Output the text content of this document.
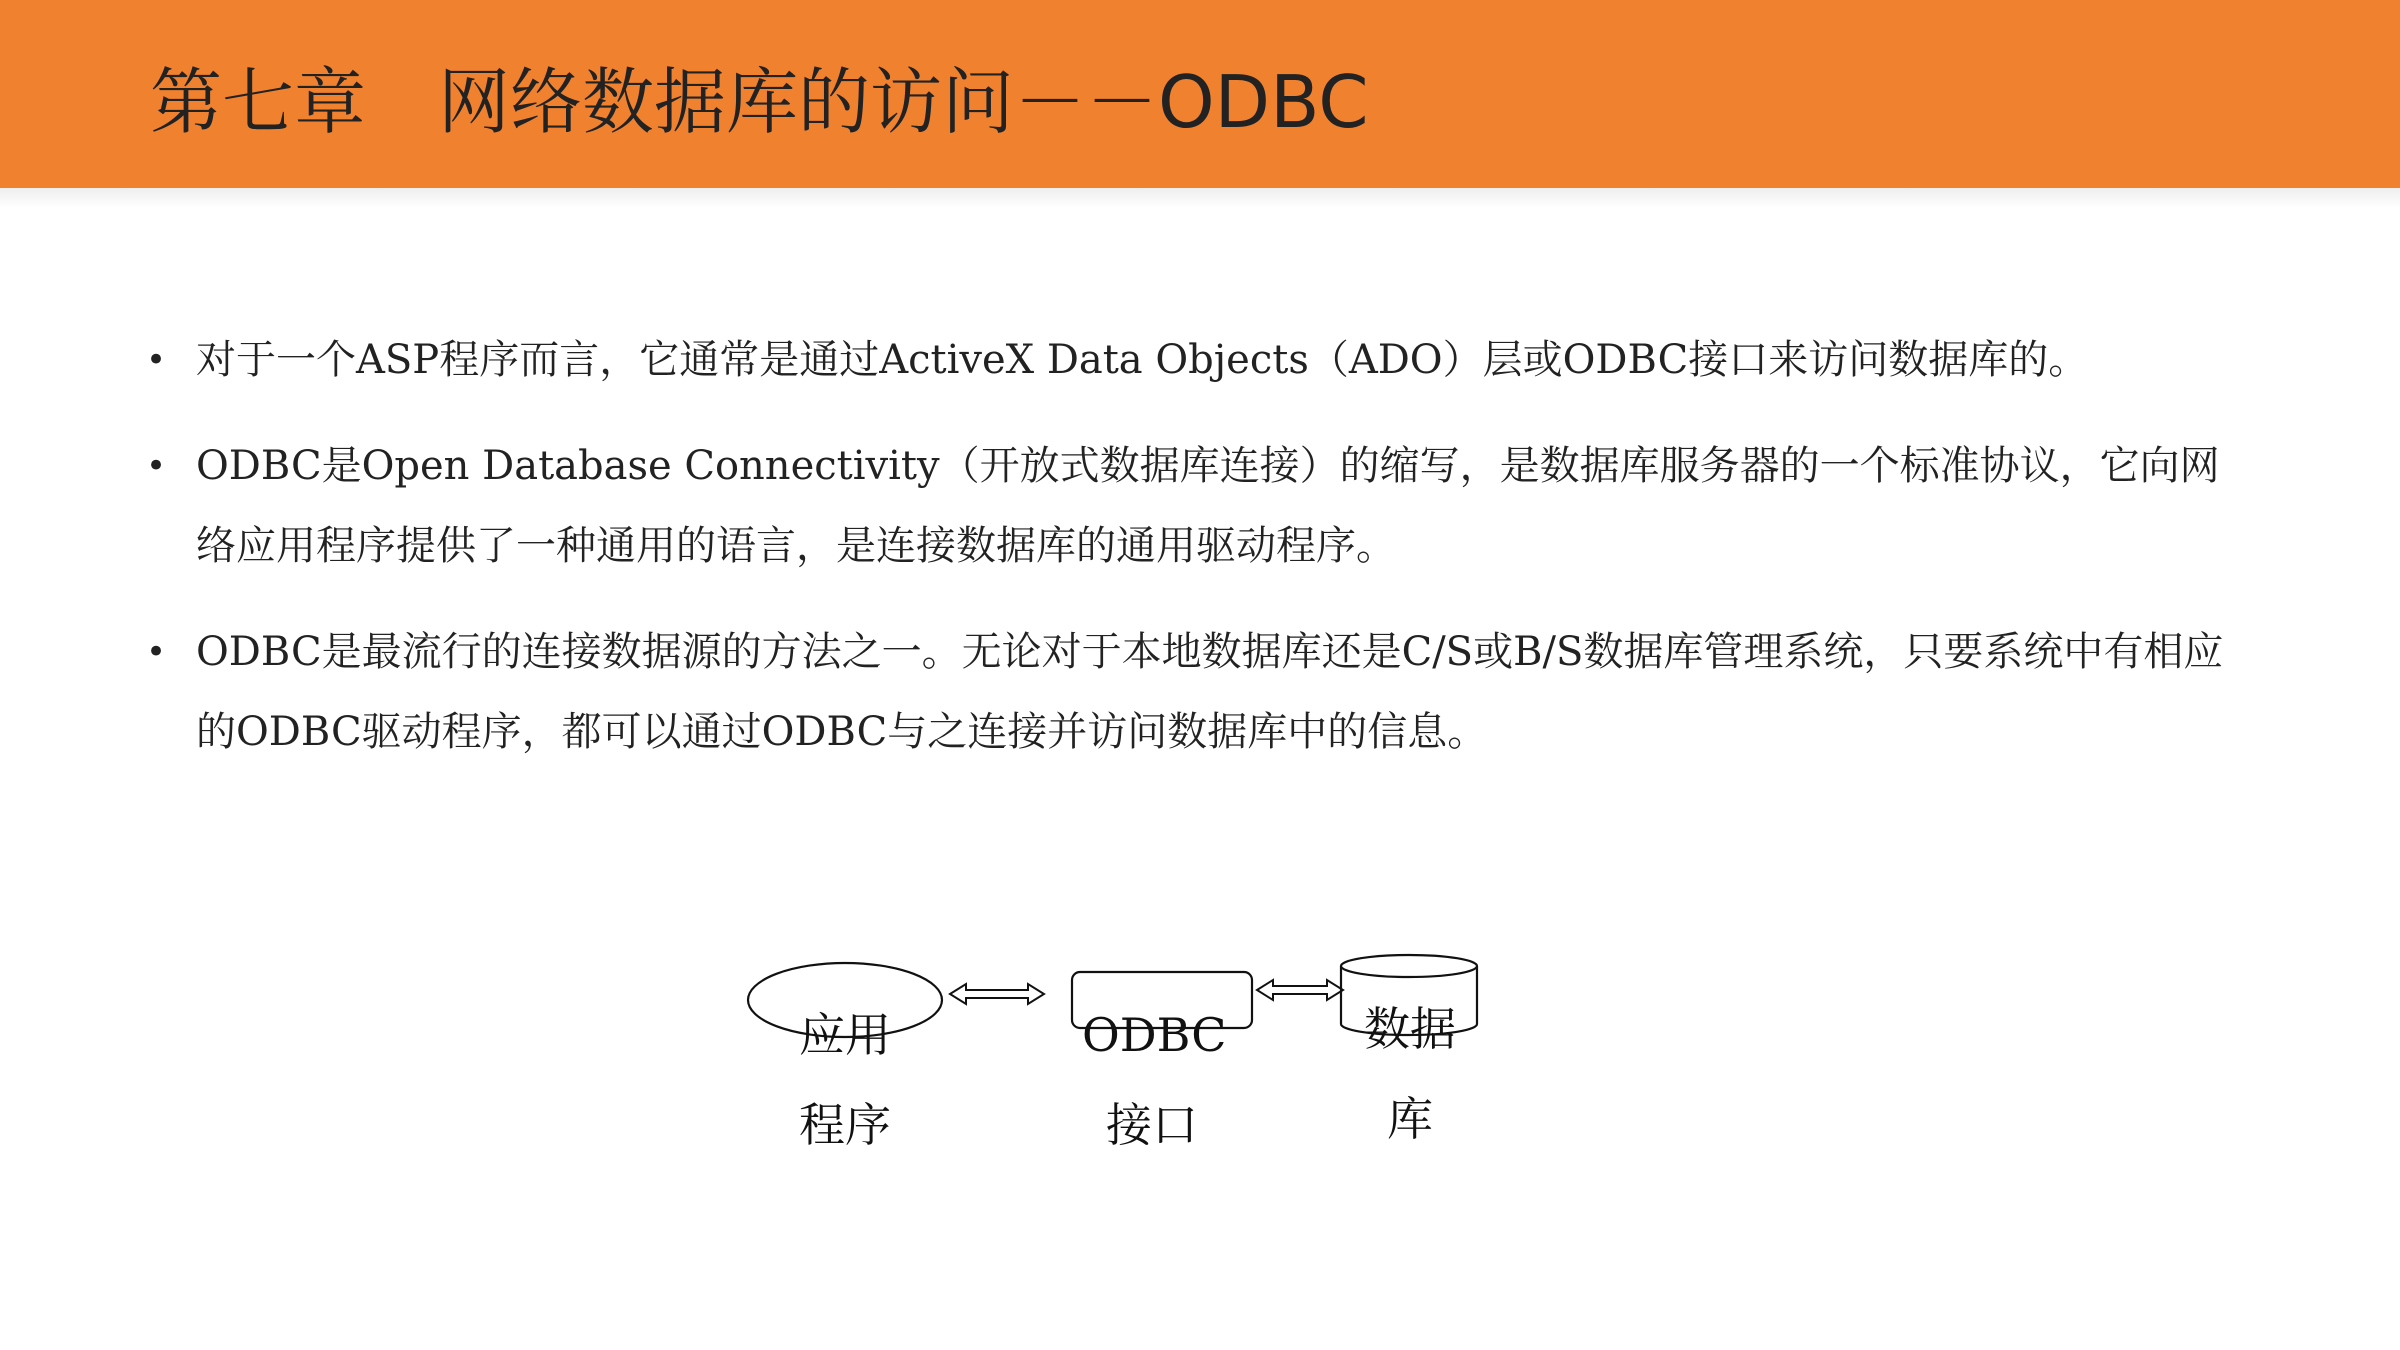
第七章　网络数据库的访问－－ODBC
• 对于一个ASP程序而言，它通常是通过ActiveX Data Objects（ADO）层或ODBC接口来访问数据库的。
• ODBC是Open Database Connectivity（开放式数据库连接）的缩写，是数据库服务器的一个标准协议，它向网络应用程序提供了一种通用的语言，是连接数据库的通用驱动程序。
• ODBC是最流行的连接数据源的方法之一。无论对于本地数据库还是C/S或B/S数据库管理系统，只要系统中有相应的ODBC驱动程序，都可以通过ODBC与之连接并访问数据库中的信息。
应用
程序
ODBC
接口
数据
库
